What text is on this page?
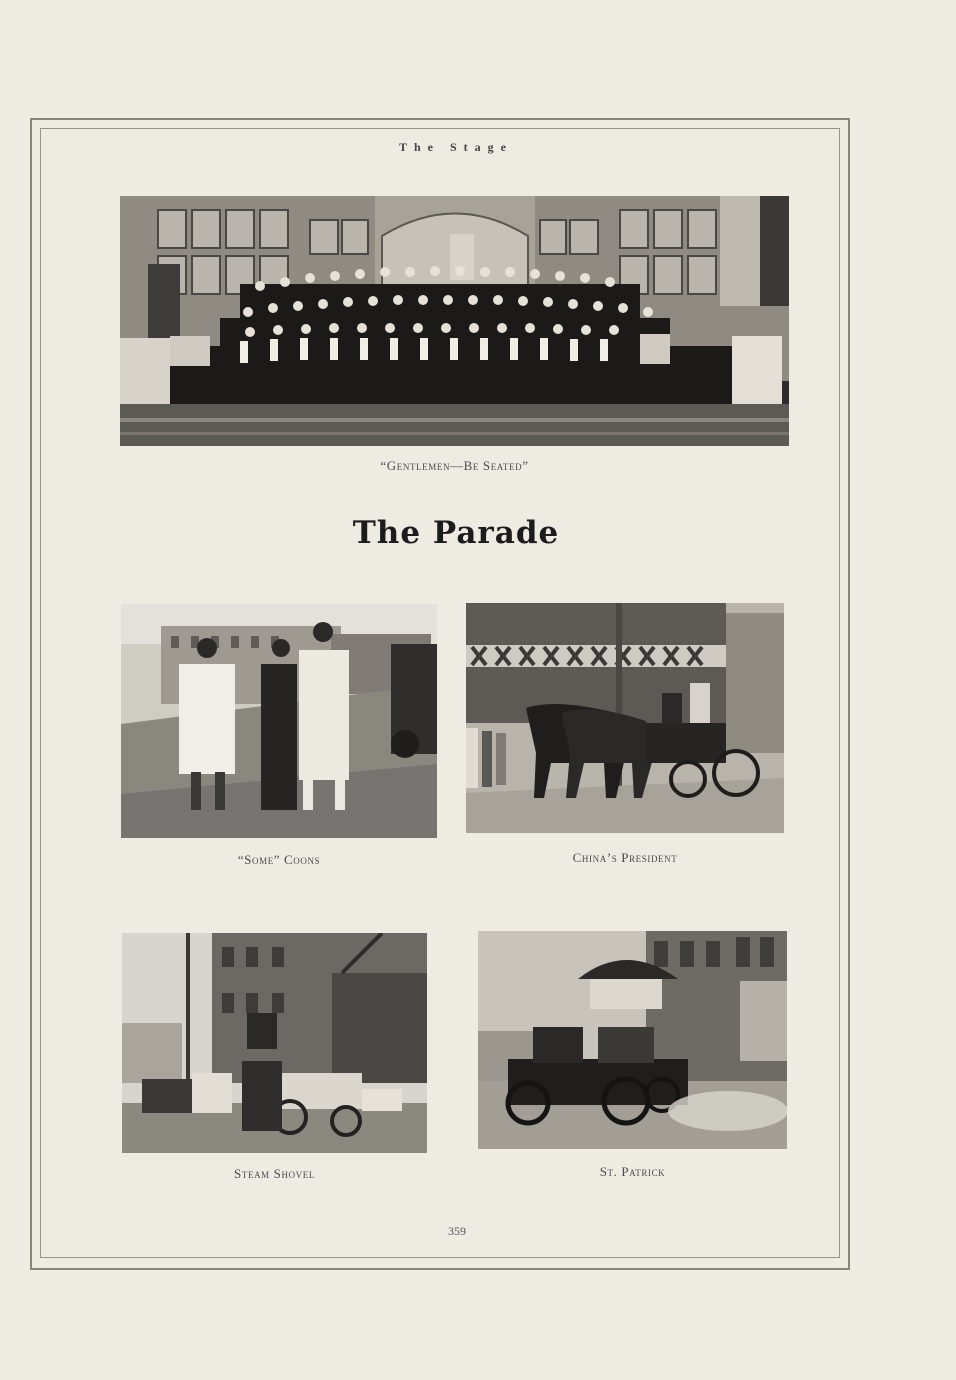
The Stage
“Gentlemen—Be Seated”
The Parade
“Some” Coons	China’s President
Steam Shovel	St. Patrick
359
